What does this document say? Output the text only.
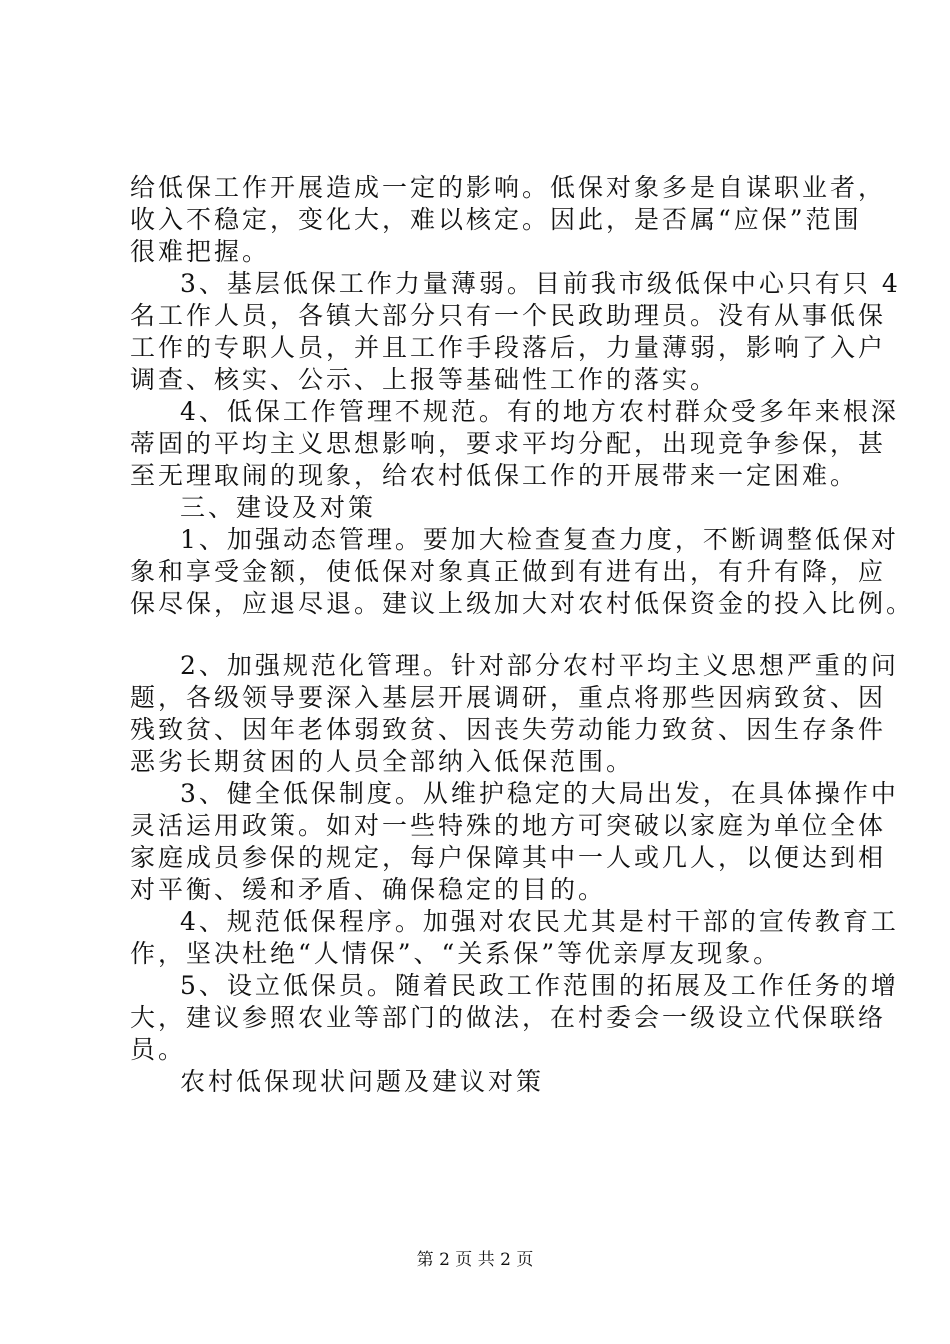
给低保工作开展造成一定的影响。低保对象多是自谋职业者，
收入不稳定，变化大，难以核定。因此，是否属“应保”范围
很难把握。
3、基层低保工作力量薄弱。目前我市级低保中心只有只 4
名工作人员，各镇大部分只有一个民政助理员。没有从事低保
工作的专职人员，并且工作手段落后，力量薄弱，影响了入户
调查、核实、公示、上报等基础性工作的落实。
4、低保工作管理不规范。有的地方农村群众受多年来根深
蒂固的平均主义思想影响，要求平均分配，出现竞争参保，甚
至无理取闹的现象，给农村低保工作的开展带来一定困难。
三、建设及对策
1、加强动态管理。要加大检查复查力度，不断调整低保对
象和享受金额，使低保对象真正做到有进有出，有升有降，应
保尽保，应退尽退。建议上级加大对农村低保资金的投入比例。
2、加强规范化管理。针对部分农村平均主义思想严重的问
题，各级领导要深入基层开展调研，重点将那些因病致贫、因
残致贫、因年老体弱致贫、因丧失劳动能力致贫、因生存条件
恶劣长期贫困的人员全部纳入低保范围。
3、健全低保制度。从维护稳定的大局出发，在具体操作中
灵活运用政策。如对一些特殊的地方可突破以家庭为单位全体
家庭成员参保的规定，每户保障其中一人或几人，以便达到相
对平衡、缓和矛盾、确保稳定的目的。
4、规范低保程序。加强对农民尤其是村干部的宣传教育工
作，坚决杜绝“人情保”、“关系保”等优亲厚友现象。
5、设立低保员。随着民政工作范围的拓展及工作任务的增
大，建议参照农业等部门的做法，在村委会一级设立代保联络
员。
农村低保现状问题及建议对策
第 2 页 共 2 页
